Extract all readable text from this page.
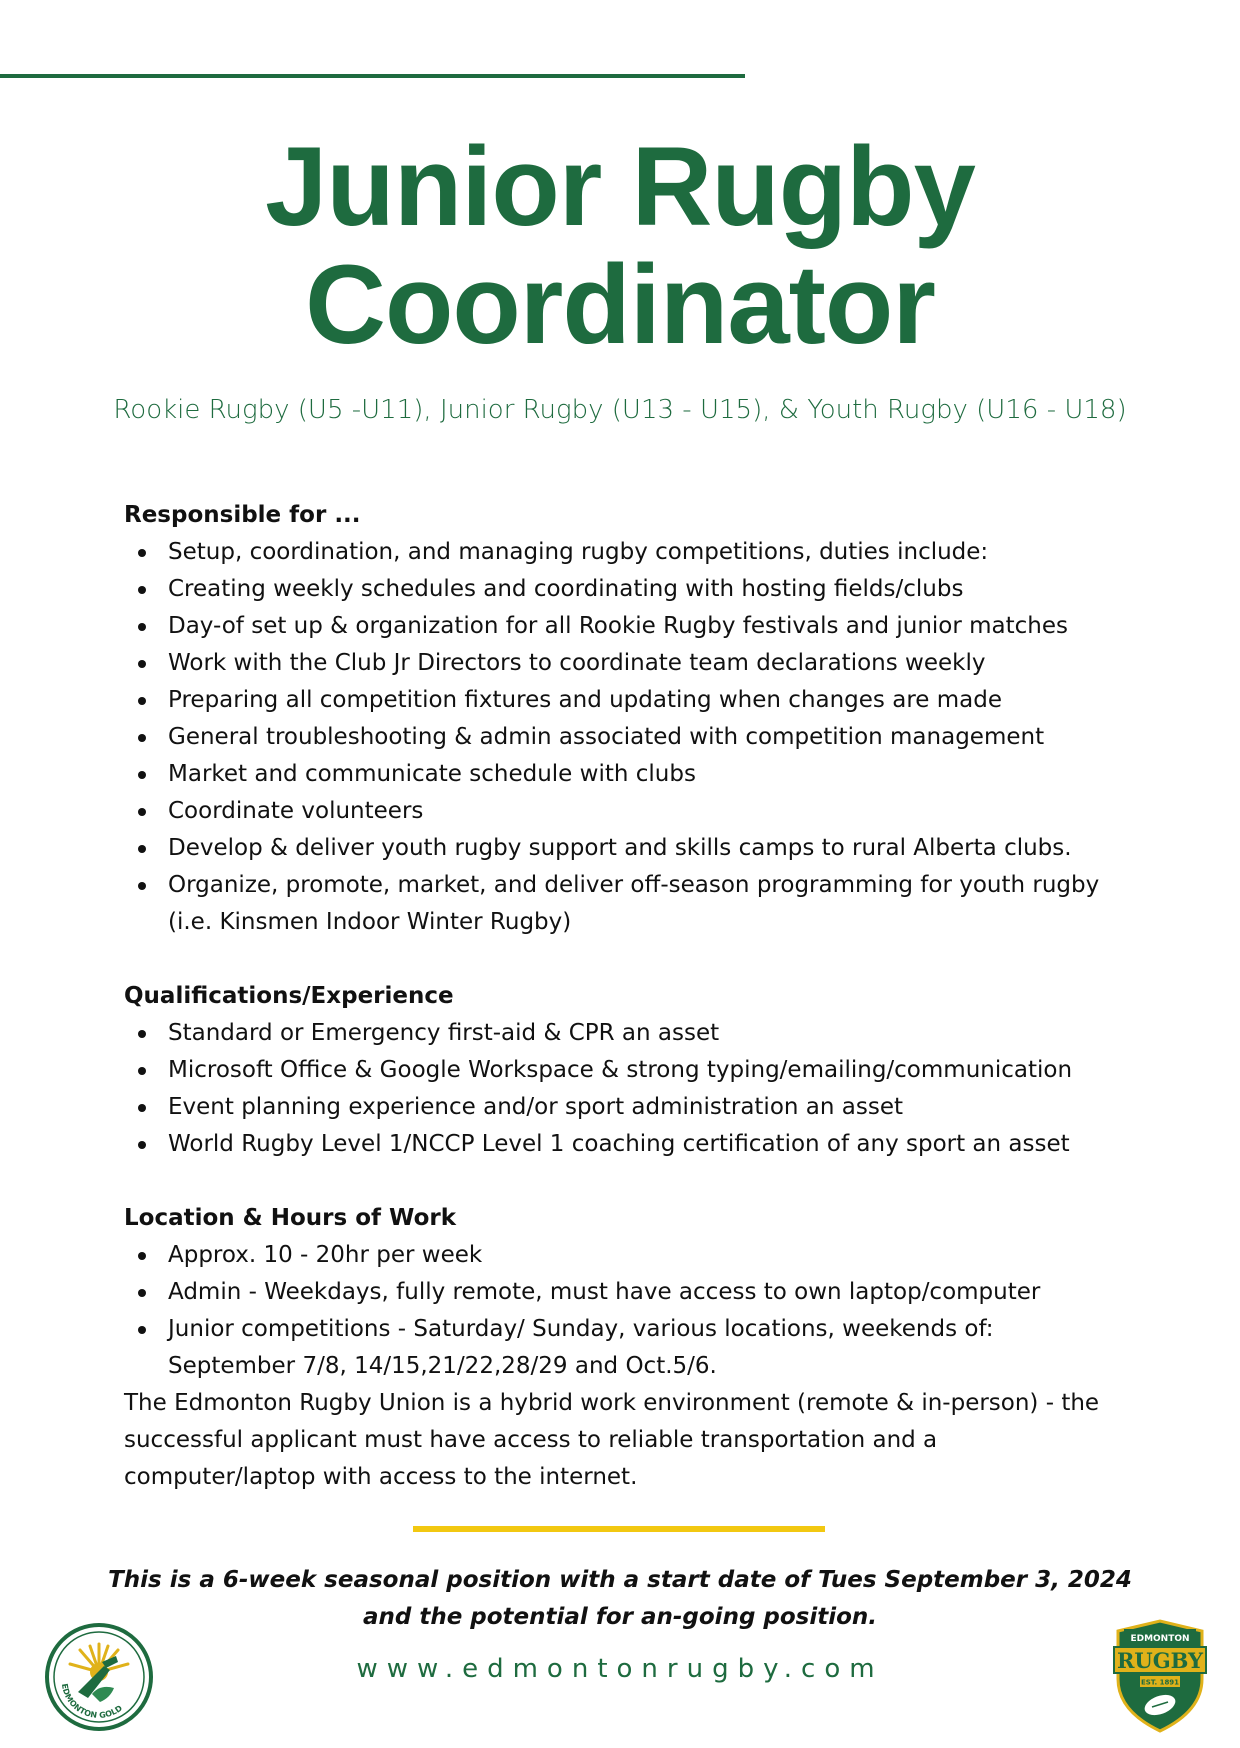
Junior Rugby
Coordinator
Rookie Rugby (U5 -U11), Junior Rugby (U13 - U15), & Youth Rugby (U16 - U18)
Responsible for ...
Setup, coordination, and managing rugby competitions, duties include:
Creating weekly schedules and coordinating with hosting fields/clubs
Day-of set up & organization for all Rookie Rugby festivals and junior matches
Work with the Club Jr Directors to coordinate team declarations weekly
Preparing all competition fixtures and updating when changes are made
General troubleshooting & admin associated with competition management
Market and communicate schedule with clubs
Coordinate volunteers
Develop & deliver youth rugby support and skills camps to rural Alberta clubs.
Organize, promote, market, and deliver off-season programming for youth rugby (i.e. Kinsmen Indoor Winter Rugby)
Qualifications/Experience
Standard or Emergency first-aid & CPR an asset
Microsoft Office & Google Workspace & strong typing/emailing/communication
Event planning experience and/or sport administration an asset
World Rugby Level 1/NCCP Level 1 coaching certification of any sport an asset
Location & Hours of Work
Approx. 10 - 20hr per week
Admin - Weekdays, fully remote, must have access to own laptop/computer
Junior competitions - Saturday/ Sunday, various locations, weekends of: September 7/8, 14/15,21/22,28/29 and Oct.5/6.

The Edmonton Rugby Union is a hybrid work environment (remote & in-person) - the successful applicant must have access to reliable transportation and a computer/laptop with access to the internet.

This is a 6-week seasonal position with a start date of Tues September 3, 2024
and the potential for an-going position.
www.edmontonrugby.com
EDMONTON GOLD
EDMONTON
RUGBY
EST. 1891
